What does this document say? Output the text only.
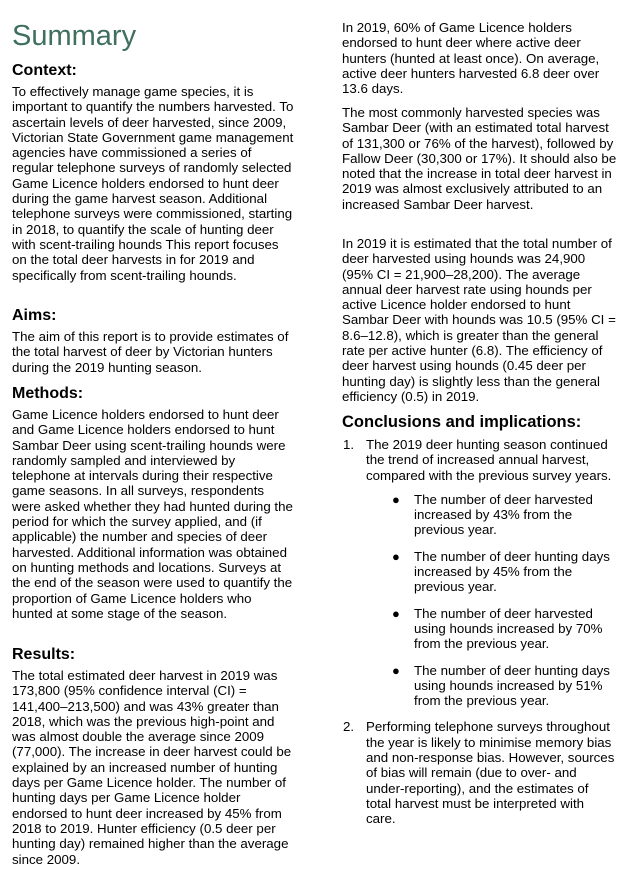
Summary
Context:

To effectively manage game species, it is important to quantify the numbers harvested. To ascertain levels of deer harvested, since 2009, Victorian State Government game management agencies have commissioned a series of regular telephone surveys of randomly selected Game Licence holders endorsed to hunt deer during the game harvest season. Additional telephone surveys were commissioned, starting in 2018, to quantify the scale of hunting deer with scent-trailing hounds This report focuses on the total deer harvests in for 2019 and specifically from scent-trailing hounds.

Aims:

The aim of this report is to provide estimates of the total harvest of deer by Victorian hunters during the 2019 hunting season.

Methods:

Game Licence holders endorsed to hunt deer and Game Licence holders endorsed to hunt Sambar Deer using scent-trailing hounds were randomly sampled and interviewed by telephone at intervals during their respective game seasons. In all surveys, respondents were asked whether they had hunted during the period for which the survey applied, and (if applicable) the number and species of deer harvested. Additional information was obtained on hunting methods and locations. Surveys at the end of the season were used to quantify the proportion of Game Licence holders who hunted at some stage of the season.

Results:

The total estimated deer harvest in 2019 was 173,800 (95% confidence interval (CI) = 141,400–213,500) and was 43% greater than 2018, which was the previous high-point and was almost double the average since 2009 (77,000). The increase in deer harvest could be explained by an increased number of hunting days per Game Licence holder. The number of hunting days per Game Licence holder endorsed to hunt deer increased by 45% from 2018 to 2019. Hunter efficiency (0.5 deer per hunting day) remained higher than the average since 2009.

In 2019, 60% of Game Licence holders endorsed to hunt deer where active deer hunters (hunted at least once). On average, active deer hunters harvested 6.8 deer over 13.6 days.

The most commonly harvested species was Sambar Deer (with an estimated total harvest of 131,300 or 76% of the harvest), followed by Fallow Deer (30,300 or 17%). It should also be noted that the increase in total deer harvest in 2019 was almost exclusively attributed to an increased Sambar Deer harvest.

In 2019 it is estimated that the total number of deer harvested using hounds was 24,900 (95% CI = 21,900–28,200). The average annual deer harvest rate using hounds per active Licence holder endorsed to hunt Sambar Deer with hounds was 10.5 (95% CI = 8.6–12.8), which is greater than the general rate per active hunter (6.8). The efficiency of deer harvest using hounds (0.45 deer per hunting day) is slightly less than the general efficiency (0.5) in 2019.

Conclusions and implications:
1. The 2019 deer hunting season continued the trend of increased annual harvest, compared with the previous survey years.
● The number of deer harvested increased by 43% from the previous year.
● The number of deer hunting days increased by 45% from the previous year.
● The number of deer harvested using hounds increased by 70% from the previous year.
● The number of deer hunting days using hounds increased by 51% from the previous year.
2. Performing telephone surveys throughout the year is likely to minimise memory bias and non-response bias. However, sources of bias will remain (due to over- and under-reporting), and the estimates of total harvest must be interpreted with care.
